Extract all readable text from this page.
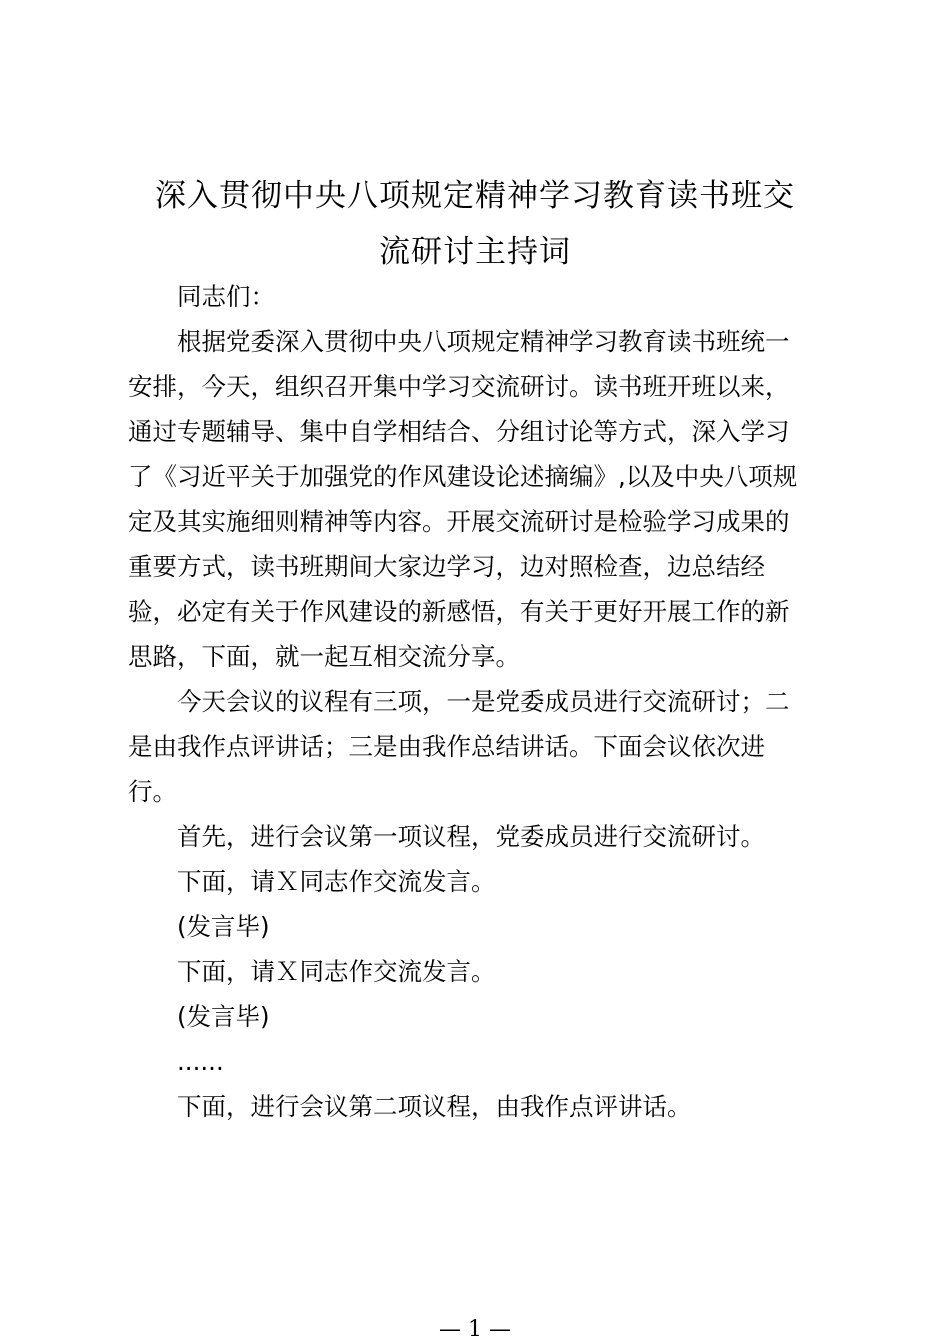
深入贯彻中央八项规定精神学习教育读书班交
流研讨主持词

同志们：

根据党委深入贯彻中央八项规定精神学习教育读书班统一
安排，今天，组织召开集中学习交流研讨。读书班开班以来，
通过专题辅导、集中自学相结合、分组讨论等方式，深入学习
了《习近平关于加强党的作风建设论述摘编》,以及中央八项规
定及其实施细则精神等内容。开展交流研讨是检验学习成果的
重要方式，读书班期间大家边学习，边对照检查，边总结经
验，必定有关于作风建设的新感悟，有关于更好开展工作的新
思路，下面，就一起互相交流分享。

今天会议的议程有三项，一是党委成员进行交流研讨；二
是由我作点评讲话；三是由我作总结讲话。下面会议依次进
行。

首先，进行会议第一项议程，党委成员进行交流研讨。

下面，请Ｘ同志作交流发言。

(发言毕)

下面，请Ｘ同志作交流发言。

(发言毕)

......

下面，进行会议第二项议程，由我作点评讲话。

— 1 —
